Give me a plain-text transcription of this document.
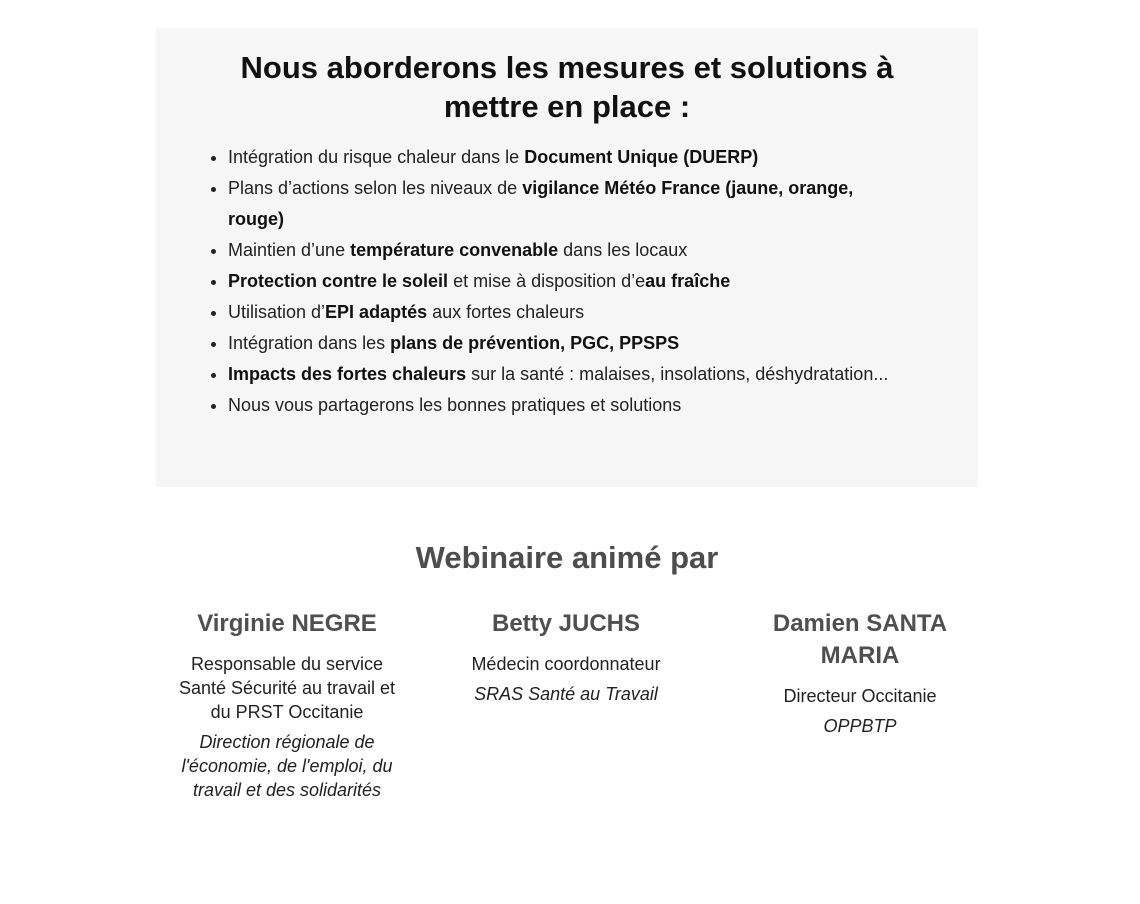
Nous aborderons les mesures et solutions à mettre en place :
• Intégration du risque chaleur dans le Document Unique (DUERP)
• Plans d’actions selon les niveaux de vigilance Météo France (jaune, orange, rouge)
• Maintien d’une température convenable dans les locaux
• Protection contre le soleil et mise à disposition d’eau fraîche
• Utilisation d’EPI adaptés aux fortes chaleurs
• Intégration dans les plans de prévention, PGC, PPSPS
• Impacts des fortes chaleurs sur la santé : malaises, insolations, déshydratation...
• Nous vous partagerons les bonnes pratiques et solutions
Webinaire animé par
Virginie NEGRE

Responsable du service Santé Sécurité au travail et du PRST Occitanie

Direction régionale de l'économie, de l'emploi, du travail et des solidarités

Betty JUCHS

Médecin coordonnateur

SRAS Santé au Travail

Damien SANTA MARIA

Directeur Occitanie

OPPBTP
